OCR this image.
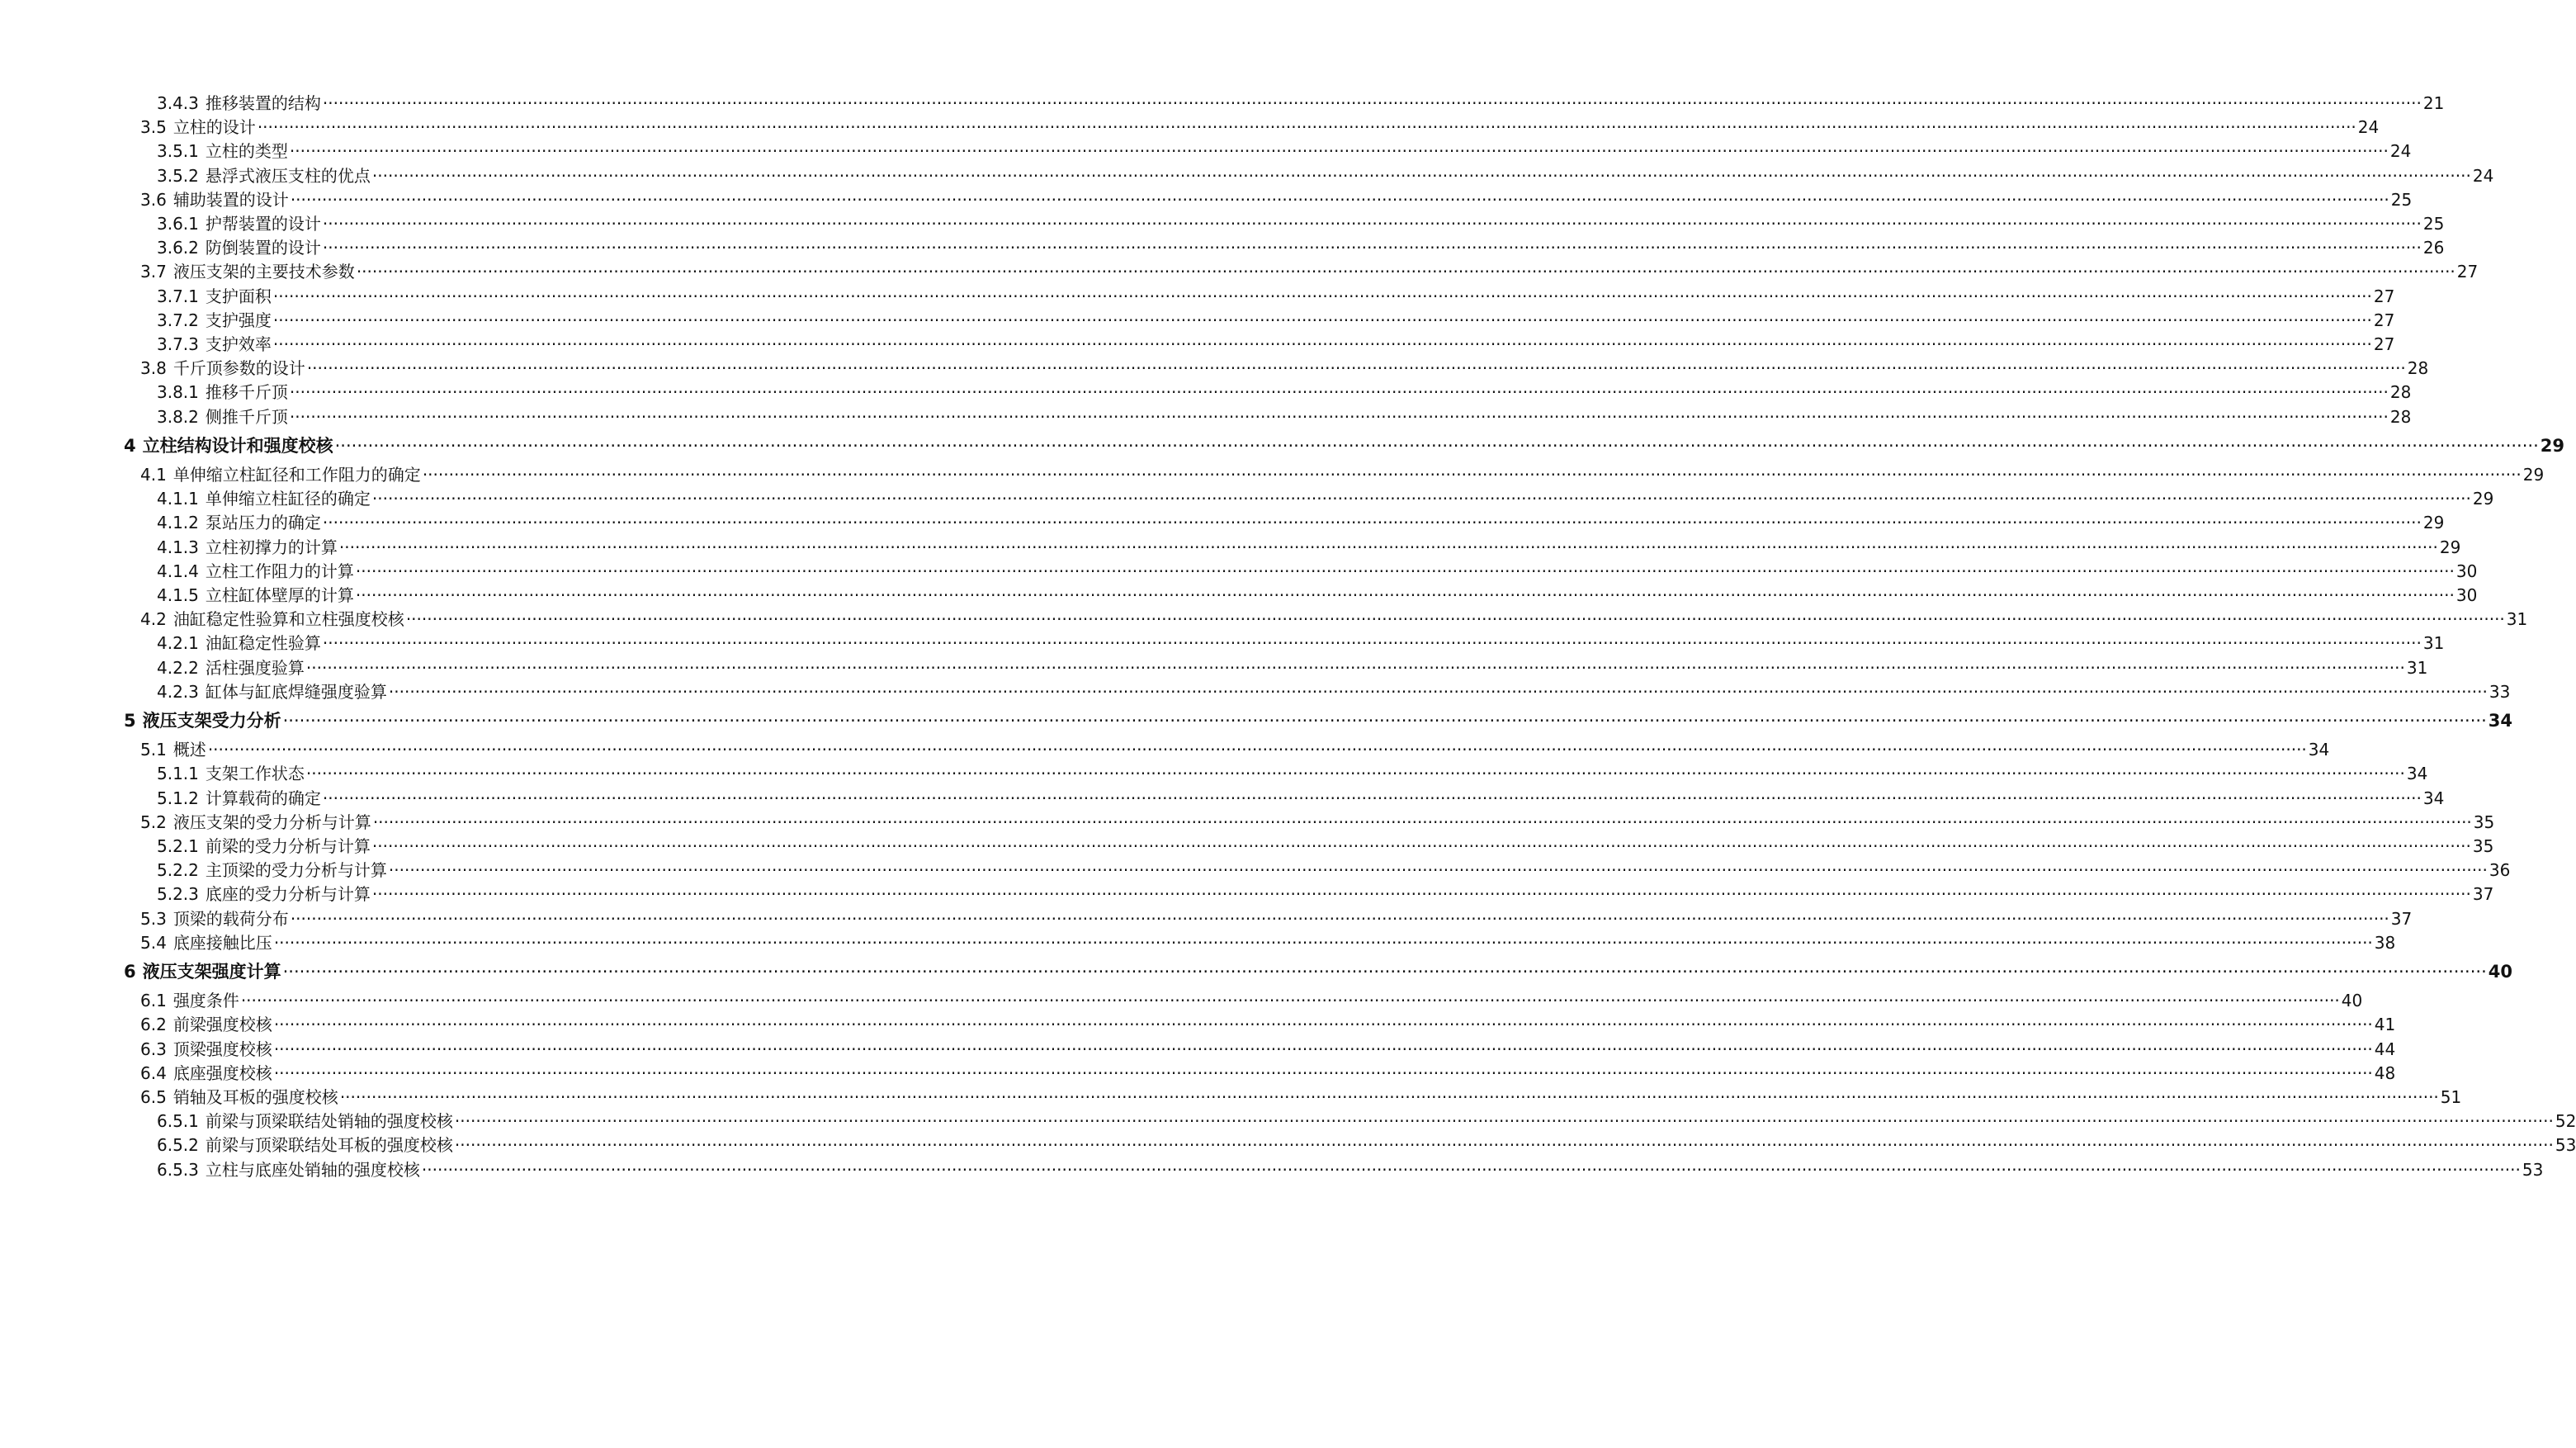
3.4.3 推移装置的结构 ················································································································································································································································································································································································································ 21
3.5 立柱的设计 ················································································································································································································································································································································································································ 24
3.5.1 立柱的类型 ················································································································································································································································································································································································································ 24
3.5.2 悬浮式液压支柱的优点 ················································································································································································································································································································································································································ 24
3.6 辅助装置的设计 ················································································································································································································································································································································································································ 25
3.6.1 护帮装置的设计 ················································································································································································································································································································································································································ 25
3.6.2 防倒装置的设计 ················································································································································································································································································································································································································ 26
3.7 液压支架的主要技术参数 ················································································································································································································································································································································································································ 27
3.7.1 支护面积 ················································································································································································································································································································································································································ 27
3.7.2 支护强度 ················································································································································································································································································································································································································ 27
3.7.3 支护效率 ················································································································································································································································································································································································································ 27
3.8 千斤顶参数的设计 ················································································································································································································································································································································································································ 28
3.8.1 推移千斤顶 ················································································································································································································································································································································································································ 28
3.8.2 侧推千斤顶 ················································································································································································································································································································································································································ 28
4 立柱结构设计和强度校核 ················································································································································································································································································································································································································ 29
4.1 单伸缩立柱缸径和工作阻力的确定 ················································································································································································································································································································································································································ 29
4.1.1 单伸缩立柱缸径的确定 ················································································································································································································································································································································································································ 29
4.1.2 泵站压力的确定 ················································································································································································································································································································································································································ 29
4.1.3 立柱初撑力的计算 ················································································································································································································································································································································································································ 29
4.1.4 立柱工作阻力的计算 ················································································································································································································································································································································································································ 30
4.1.5 立柱缸体壁厚的计算 ················································································································································································································································································································································································································ 30
4.2 油缸稳定性验算和立柱强度校核 ················································································································································································································································································································································································································ 31
4.2.1 油缸稳定性验算 ················································································································································································································································································································································································································ 31
4.2.2 活柱强度验算 ················································································································································································································································································································································································································ 31
4.2.3 缸体与缸底焊缝强度验算 ················································································································································································································································································································································································································ 33
5 液压支架受力分析 ················································································································································································································································································································································································································ 34
5.1 概述 ················································································································································································································································································································································································································ 34
5.1.1 支架工作状态 ················································································································································································································································································································································································································ 34
5.1.2 计算载荷的确定 ················································································································································································································································································································································································································ 34
5.2 液压支架的受力分析与计算 ················································································································································································································································································································································································································ 35
5.2.1 前梁的受力分析与计算 ················································································································································································································································································································································································································ 35
5.2.2 主顶梁的受力分析与计算 ················································································································································································································································································································································································································ 36
5.2.3 底座的受力分析与计算 ················································································································································································································································································································································································································ 37
5.3 顶梁的载荷分布 ················································································································································································································································································································································································································ 37
5.4 底座接触比压 ················································································································································································································································································································································································································ 38
6 液压支架强度计算 ················································································································································································································································································································································································································ 40
6.1 强度条件 ················································································································································································································································································································································································································ 40
6.2 前梁强度校核 ················································································································································································································································································································································································································ 41
6.3 顶梁强度校核 ················································································································································································································································································································································································································ 44
6.4 底座强度校核 ················································································································································································································································································································································································································ 48
6.5 销轴及耳板的强度校核 ················································································································································································································································································································································································································ 51
6.5.1 前梁与顶梁联结处销轴的强度校核 ················································································································································································································································································································································································································ 52
6.5.2 前梁与顶梁联结处耳板的强度校核 ················································································································································································································································································································································································································ 53
6.5.3 立柱与底座处销轴的强度校核 ················································································································································································································································································································································································································ 53
